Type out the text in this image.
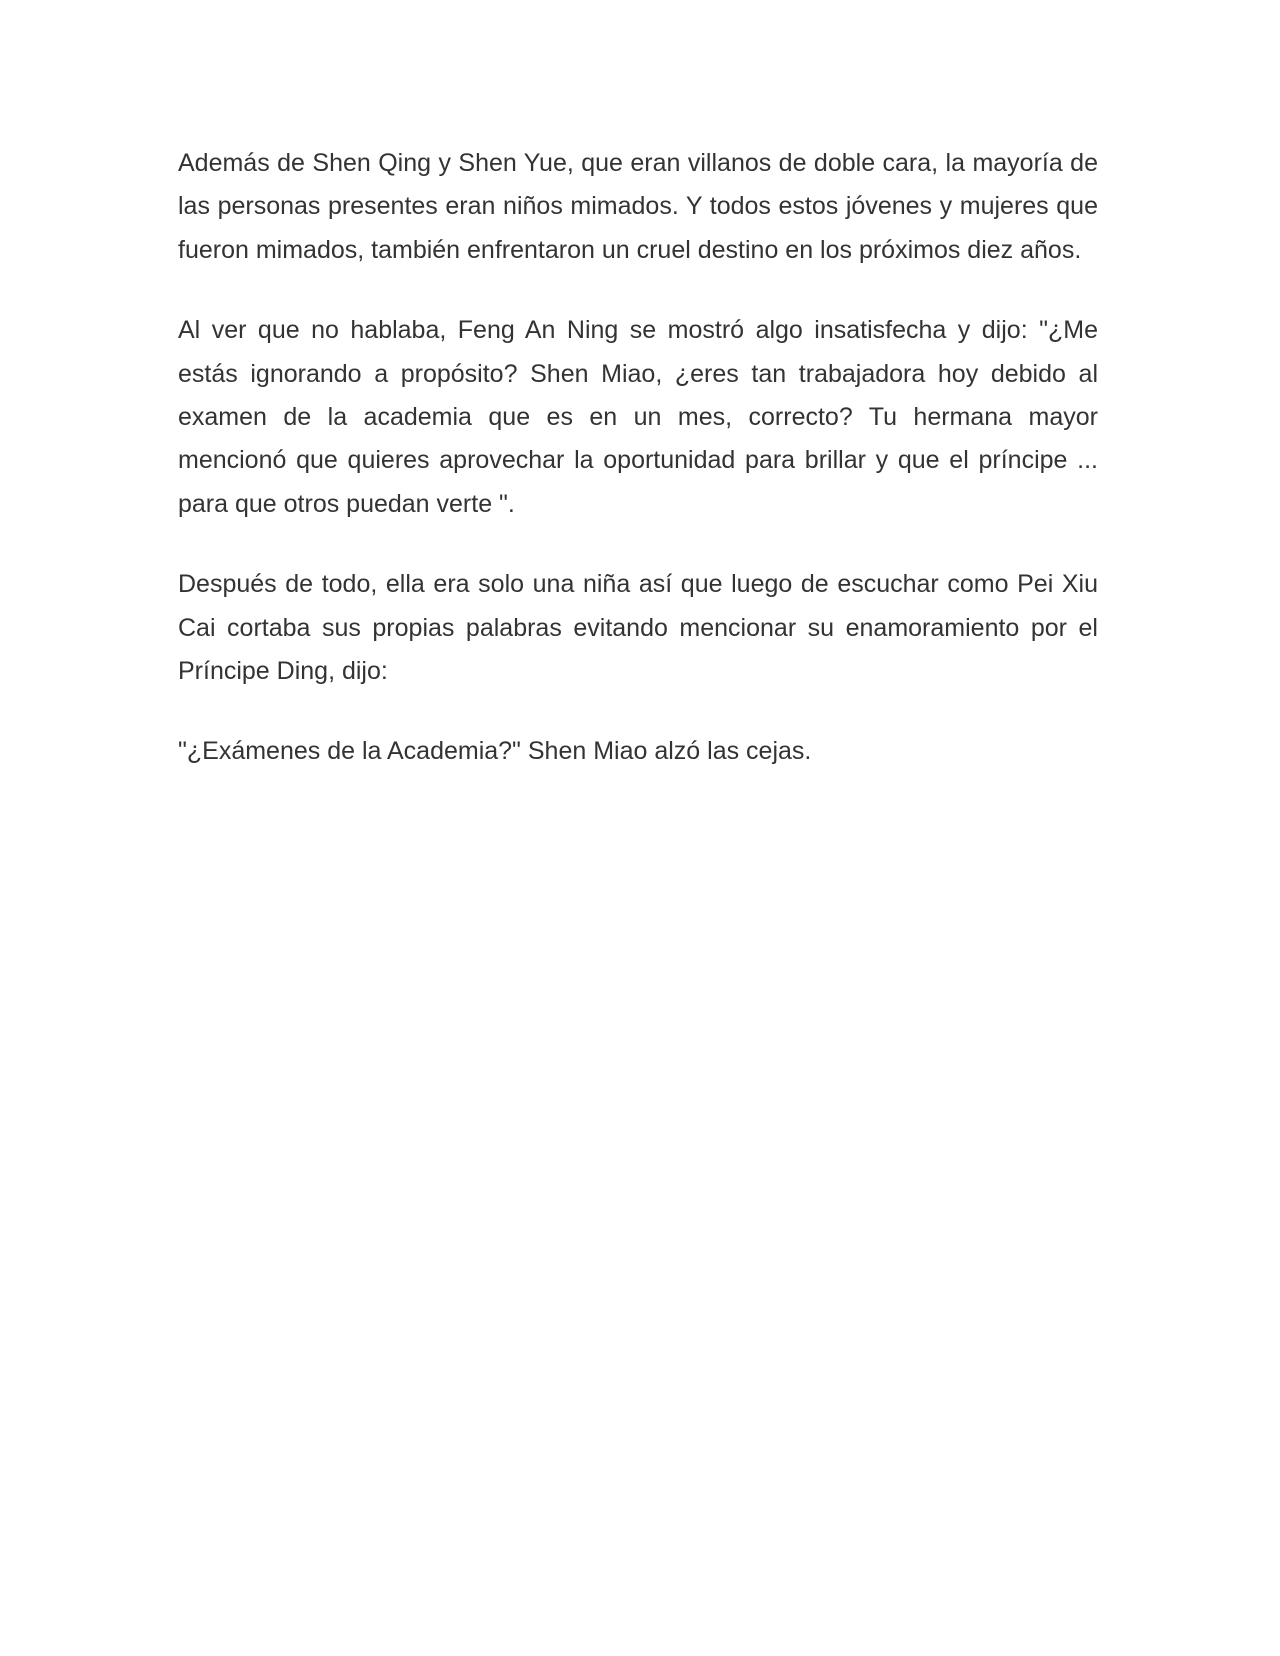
Además de Shen Qing y Shen Yue, que eran villanos de doble cara, la mayoría de las personas presentes eran niños mimados. Y todos estos jóvenes y mujeres que fueron mimados, también enfrentaron un cruel destino en los próximos diez años.

Al ver que no hablaba, Feng An Ning se mostró algo insatisfecha y dijo: "¿Me estás ignorando a propósito? Shen Miao, ¿eres tan trabajadora hoy debido al examen de la academia que es en un mes, correcto? Tu hermana mayor mencionó que quieres aprovechar la oportunidad para brillar y que el príncipe ... para que otros puedan verte ".

Después de todo, ella era solo una niña así que luego de escuchar como Pei Xiu Cai cortaba sus propias palabras evitando mencionar su enamoramiento por el Príncipe Ding, dijo:

"¿Exámenes de la Academia?" Shen Miao alzó las cejas.
